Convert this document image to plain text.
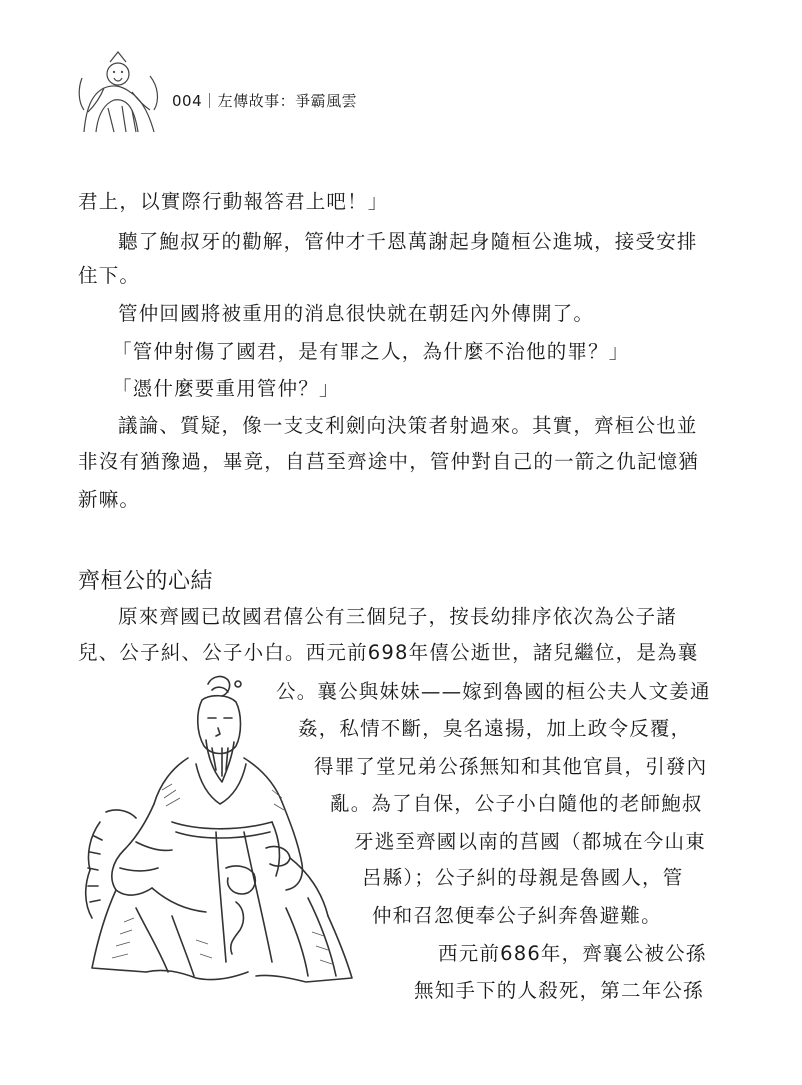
004｜左傳故事：爭霸風雲
君上，以實際行動報答君上吧！」
聽了鮑叔牙的勸解，管仲才千恩萬謝起身隨桓公進城，接受安排
住下。
管仲回國將被重用的消息很快就在朝廷內外傳開了。
「管仲射傷了國君，是有罪之人，為什麼不治他的罪？」
「憑什麼要重用管仲？」
議論、質疑，像一支支利劍向決策者射過來。其實，齊桓公也並
非沒有猶豫過，畢竟，自莒至齊途中，管仲對自己的一箭之仇記憶猶
新嘛。
齊桓公的心結
原來齊國已故國君僖公有三個兒子，按長幼排序依次為公子諸
兒、公子糾、公子小白。西元前698年僖公逝世，諸兒繼位，是為襄
公。襄公與妹妹——嫁到魯國的桓公夫人文姜通
姦，私情不斷，臭名遠揚，加上政令反覆，
得罪了堂兄弟公孫無知和其他官員，引發內
亂。為了自保，公子小白隨他的老師鮑叔
牙逃至齊國以南的莒國（都城在今山東
呂縣）；公子糾的母親是魯國人，管
仲和召忽便奉公子糾奔魯避難。
西元前686年，齊襄公被公孫
無知手下的人殺死，第二年公孫
